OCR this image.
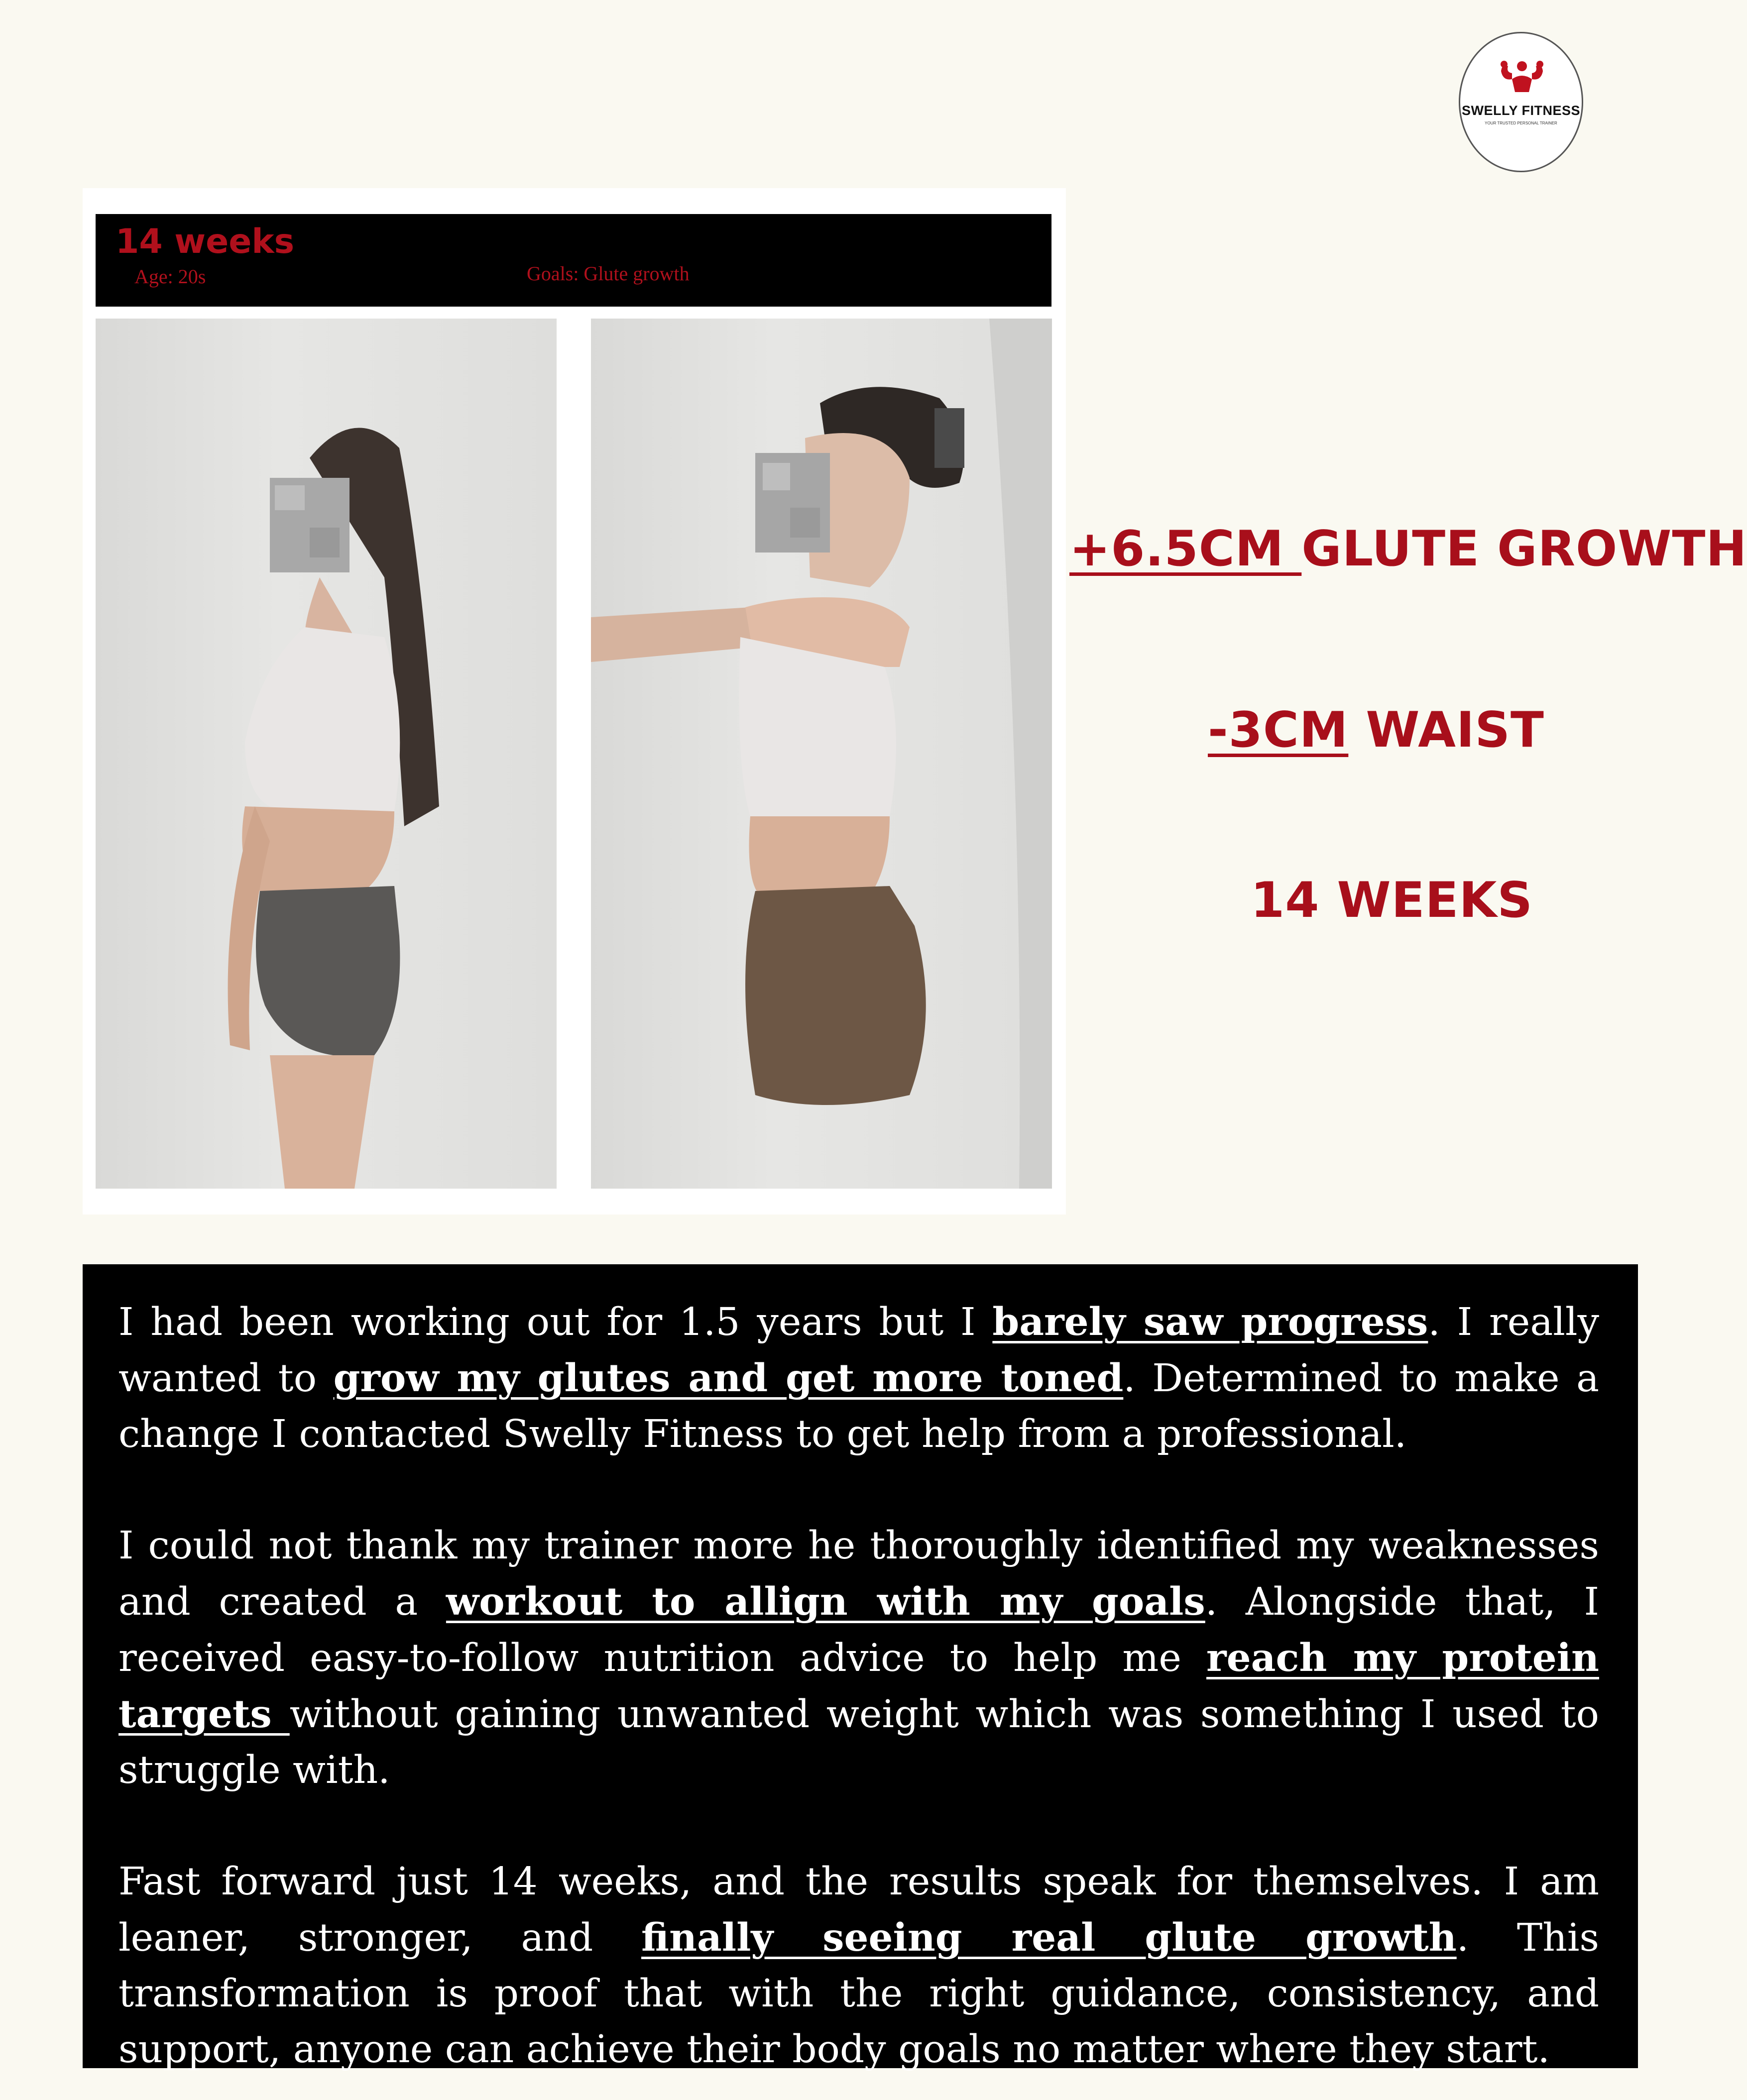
SWELLY FITNESS
YOUR TRUSTED PERSONAL TRAINER
14 weeks
Age: 20s	Goals: Glute growth
+6.5CM GLUTE GROWTH
-3CM WAIST
14 WEEKS

I had been working out for 1.5 years but I barely saw progress. I really wanted to grow my glutes and get more toned. Determined to make a change I contacted Swelly Fitness to get help from a professional.

I could not thank my trainer more he thoroughly identified my weaknesses and created a workout to allign with my goals. Alongside that, I received easy-to-follow nutrition advice to help me reach my protein targets without gaining unwanted weight which was something I used to struggle with.

Fast forward just 14 weeks, and the results speak for themselves. I am leaner, stronger, and finally seeing real glute growth. This transformation is proof that with the right guidance, consistency, and support, anyone can achieve their body goals no matter where they start.
